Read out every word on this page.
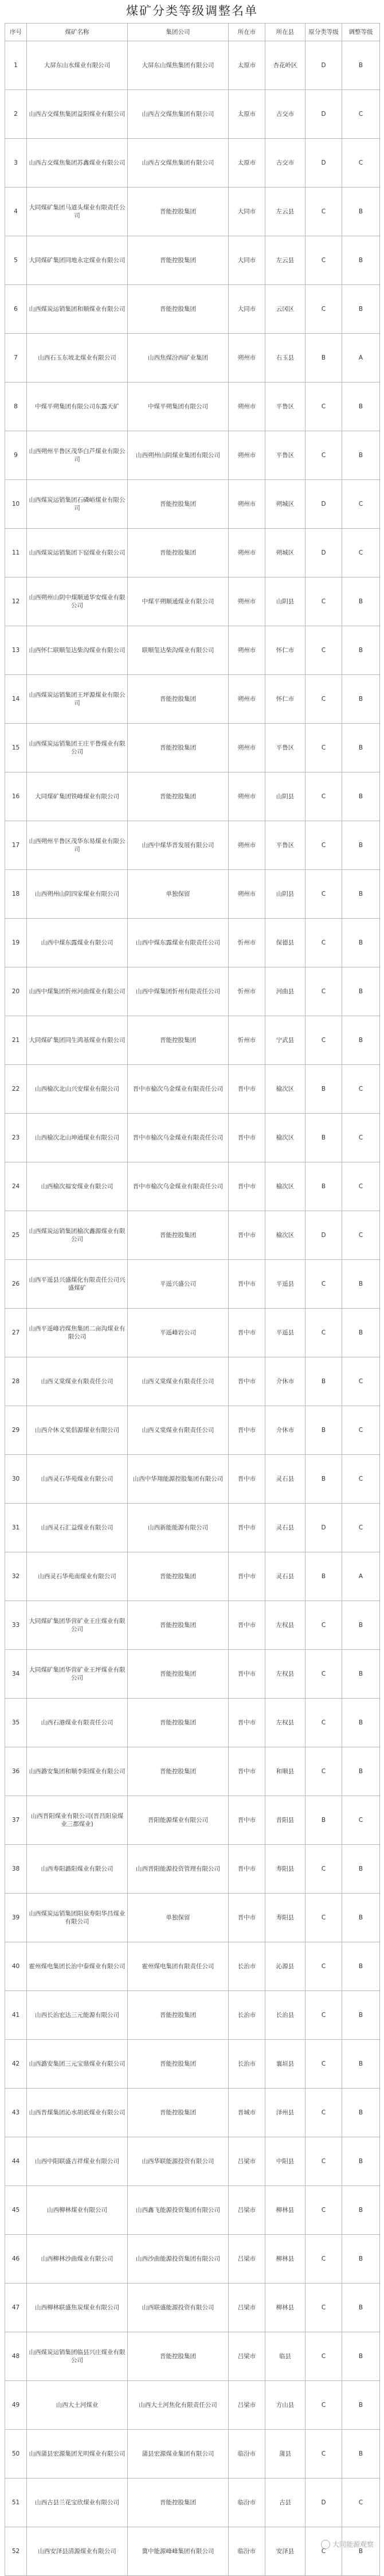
煤矿分类等级调整名单
序号	煤矿名称	集团公司	所在市	所在县	原分类等级	调整等级
1	大屏东山水煤业有限公司	大屏东山煤焦集团有限公司	太原市	杏花岭区	D	B
2	山西古交煤焦集团益阳煤业有限公司	山西古交煤焦集团有限公司	太原市	古交市	D	C
3	山西古交煤焦集团苏鑫煤业有限公司	山西古交煤焦集团有限公司	太原市	古交市	D	C
4	大同煤矿集团马道头煤业有限责任公司	晋能控股集团	大同市	左云县	C	B
5	大同煤矿集团同地永定煤业有限公司	晋能控股集团	大同市	左云县	C	B
6	山西煤炭运销集团和顺煤业有限公司	晋能控股集团	大同市	云冈区	C	B
7	山西石玉东坡北煤业有限公司	山西焦煤汾西矿业集团	朔州市	右玉县	B	A
8	中煤平朔集团有限公司东露天矿	中煤平朔集团有限公司	朔州市	平鲁区	C	B
9	山西朔州平鲁区茂华白芦煤业有限公司	山西朔州山阴煤业集团有限公司	朔州市	平鲁区	C	B
10	山西煤炭运销集团石磷峪煤业有限公司	晋能控股集团	朔州市	朔城区	D	C
11	山西煤炭运销集团下窑煤业有限公司	晋能控股集团	朔州市	朔城区	D	C
12	山西朔州山阴中煤顺通华安煤业有限公司	中煤平朔顺通煤业有限公司	朔州市	山阴县	C	B
13	山西怀仁联顺玺达柴沟煤业有限公司	联顺玺达柴沟煤业有限公司	朔州市	怀仁市	C	B
14	山西煤炭运销集团王坪源煤业有限公司	晋能控股集团	朔州市	怀仁市	C	B
15	山西煤炭运销集团王庄平鲁煤业有限公司	晋能控股集团	朔州市	平鲁区	C	B
16	大同煤矿集团铁峰煤业有限公司	晋能控股集团	朔州市	山阴县	C	B
17	山西朔州平鲁区茂华东易煤业有限公司	山西中煤华晋发展有限公司	朔州市	平鲁区	C	B
18	山西朔州山阴四家煤业有限公司	单独保留	朔州市	山阴县	C	B
19	山西中煤东露煤业有限公司	山西中煤东露煤业有限责任公司	忻州市	保德县	C	B
20	山西中煤集团忻州河曲煤业有限公司	山西中煤集团忻州有限责任公司	忻州市	河曲县	C	B
21	大同煤矿集团同生鸿基煤业有限公司	晋能控股集团	忻州市	宁武县	C	B
22	山西榆次北山兴安煤业有限公司	晋中市榆次乌金煤业有限责任公司	晋中市	榆次区	B	C
23	山西榆次北山坤通煤业有限公司	晋中市榆次乌金煤业有限责任公司	晋中市	榆次区	B	C
24	山西榆次福安煤业有限公司	晋中市榆次乌金煤业有限责任公司	晋中市	榆次区	B	C
25	山西煤炭运销集团榆次鑫源煤业有限公司	晋能控股集团	晋中市	榆次区	D	C
26	山西平遥县兴盛煤化有限责任公司兴盛煤矿	平遥兴盛公司	晋中市	平遥县	C	B
27	山西平遥峰岩煤焦集团二亩沟煤业有限公司	平遥峰岩公司	晋中市	平遥县	C	B
28	山西义棠煤业有限责任公司	山西义棠煤业有限责任公司	晋中市	介休市	B	C
29	山西介休义棠倡源煤业有限公司	山西义棠煤业有限责任公司	晋中市	介休市	B	C
30	山西灵石华苑煤业有限公司	山西中华翔能源控股集团有限公司	晋中市	灵石县	B	C
31	山西灵石汇益煤业有限公司	山西新能能源有限公司	晋中市	灵石县	D	C
32	山西灵石华苑南煤业有限公司	晋能控股集团	晋中市	灵石县	B	A
33	大同煤矿集团华营矿业王庄煤业有限公司	晋能控股集团	晋中市	左权县	C	B
34	大同煤矿集团华营矿业王坪煤业有限公司	晋能控股集团	晋中市	左权县	C	B
35	山西石港煤业有限责任公司	晋能控股集团	晋中市	左权县	C	B
36	山西潞安集团和顺李阳煤业有限公司	晋能控股集团	晋中市	和顺县	C	B
37	山西晋阳煤业有限公司(晋昌阳泉煤业三都煤业)	晋阳能源煤业有限公司	晋中市	昔阳县	B	C
38	山西寿阳潞阳煤业有限公司	山西晋阳能源投资管理有限公司	晋中市	寿阳县	C	B
39	山西煤炭运销集团阳泉寿阳华昌煤业有限公司	单独保留	晋中市	寿阳县	C	B
40	霍州煤电集团长治中泰煤业有限公司	霍州煤电集团有限责任公司	长治市	沁源县	C	B
41	山西长治宏达三元能源有限公司	晋能控股集团	长治市	长治县	C	B
42	山西潞安集团三元宝鼎煤业有限公司	晋能控股集团	长治市	襄垣县	C	B
43	山西晋煤集团沁水胡底煤业有限公司	晋能控股集团	晋城市	泽州县	C	B
44	山西中阳联盛吉祥煤业有限公司	山西华联能源投资有限公司	吕梁市	中阳县	C	B
45	山西柳林煤业有限公司	山西鑫飞能源投资集团有限公司	吕梁市	柳林县	C	B
46	山西柳林沙曲煤业有限公司	山西沙曲能源投资集团有限公司	吕梁市	柳林县	C	B
47	山西柳林联盛焦炭煤业有限公司	山西联盛能源投资有限公司	吕梁市	柳林县	C	B
48	山西煤炭运销集团临县兴庄煤业有限公司	晋能控股集团	吕梁市	临县	C	B
49	山西大土河煤业	山西大土河焦化有限责任公司	吕梁市	方山县	C	B
50	山西蒲县宏源集团光明煤业有限公司	蒲县宏源煤业集团有限公司	临汾市	蒲县	C	B
51	山西古县兰花宝欣煤业有限公司	晋能控股集团	临汾市	古县	D	C
52	山西安泽县清源煤业有限公司	冀中能源峰峰集团有限公司	临汾市	安泽县	C	B
大同能源观察
